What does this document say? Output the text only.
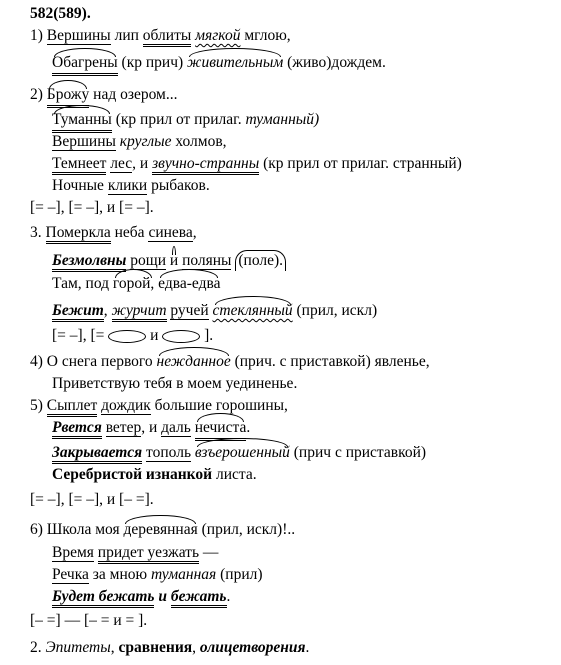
582(589).
1) Вершины лип облиты мягкой мглою,
Обагрены (кр прич) живительным (живо)дождем.
2) Брожу над озером...
Туманны (кр прил от прилаг. туманный)
Вершины круглые холмов,
Темнеет лес, и звучно-странны (кр прил от прилаг. странный)
Ночные клики рыбаков.
[= –], [= –], и [= –].
3. Померкла неба синева,
Безмолвны рощи и поляны (поле).
Там, под горой, едва-едва
Бежит, журчит ручей стеклянный (прил, искл)
[= –], [=	и	].
4) О снега первого нежданное (прич. с приставкой) явленье,
Приветствую тебя в моем уединенье.
5) Сыплет дождик большие горошины,
Рвется ветер, и даль нечиста.
Закрывается тополь взъерошенный (прич с приставкой)
Серебристой изнанкой листа.
[= –], [= –], и [– =].
6) Школа моя деревянная (прил, искл)!..
Время придет уезжать —
Речка за мною туманная (прил)
Будет бежать и бежать.
[– =] — [– = и = ].
2. Эпитеты, сравнения, олицетворения.
